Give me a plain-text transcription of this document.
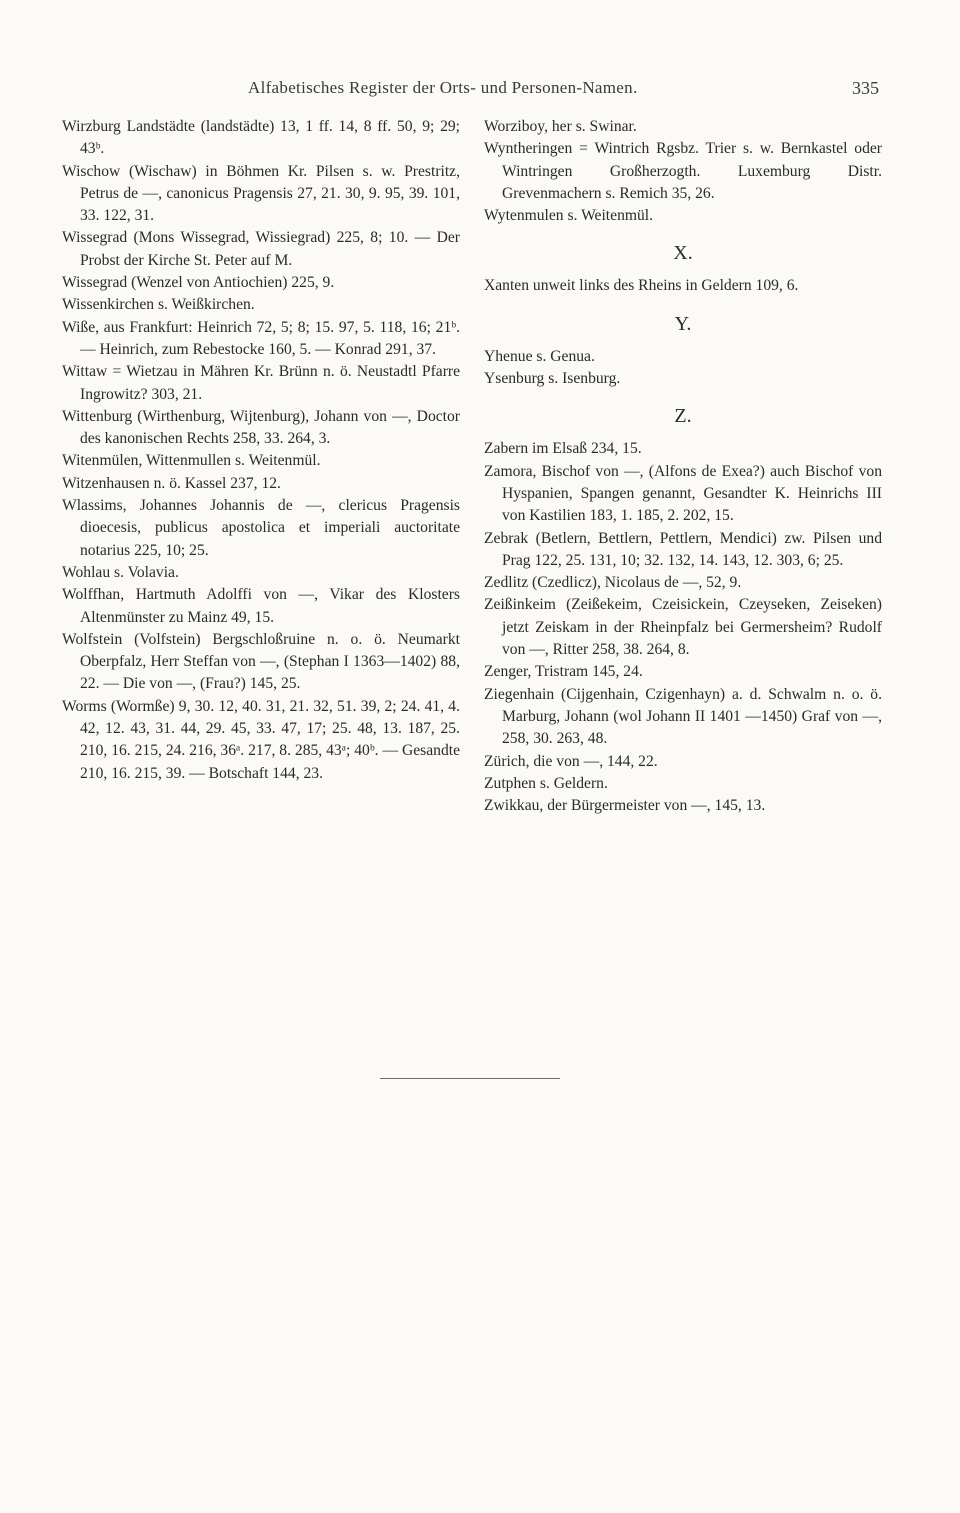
Alfabetisches Register der Orts- und Personen-Namen.	335
Wirzburg Landstädte (landstädte) 13, 1 ff. 14, 8 ff. 50, 9; 29; 43ᵇ.
Wischow (Wischaw) in Böhmen Kr. Pilsen s. w. Prestritz, Petrus de —, canonicus Pragensis 27, 21. 30, 9. 95, 39. 101, 33. 122, 31.
Wissegrad (Mons Wissegrad, Wissiegrad) 225, 8; 10. — Der Probst der Kirche St. Peter auf M.
Wissegrad (Wenzel von Antiochien) 225, 9.
Wissenkirchen s. Weißkirchen.
Wiße, aus Frankfurt: Heinrich 72, 5; 8; 15. 97, 5. 118, 16; 21ᵇ. — Heinrich, zum Rebestocke 160, 5. — Konrad 291, 37.
Wittaw = Wietzau in Mähren Kr. Brünn n. ö. Neustadtl Pfarre Ingrowitz? 303, 21.
Wittenburg (Wirthenburg, Wijtenburg), Johann von —, Doctor des kanonischen Rechts 258, 33. 264, 3.
Witenmülen, Wittenmullen s. Weitenmül.
Witzenhausen n. ö. Kassel 237, 12.
Wlassims, Johannes Johannis de —, clericus Pragensis dioecesis, publicus apostolica et imperiali auctoritate notarius 225, 10; 25.
Wohlau s. Volavia.
Wolffhan, Hartmuth Adolffi von —, Vikar des Klosters Altenmünster zu Mainz 49, 15.
Wolfstein (Volfstein) Bergschloßruine n. o. ö. Neumarkt Oberpfalz, Herr Steffan von —, (Stephan I 1363—1402) 88, 22. — Die von —, (Frau?) 145, 25.
Worms (Wormße) 9, 30. 12, 40. 31, 21. 32, 51. 39, 2; 24. 41, 4. 42, 12. 43, 31. 44, 29. 45, 33. 47, 17; 25. 48, 13. 187, 25. 210, 16. 215, 24. 216, 36ᵃ. 217, 8. 285, 43ᵃ; 40ᵇ. — Gesandte 210, 16. 215, 39. — Botschaft 144, 23.
Worziboy, her s. Swinar.
Wyntheringen = Wintrich Rgsbz. Trier s. w. Bernkastel oder Wintringen Großherzogth. Luxemburg Distr. Grevenmachern s. Remich 35, 26.
Wytenmulen s. Weitenmül.
X.
Xanten unweit links des Rheins in Geldern 109, 6.
Y.
Yhenue s. Genua.
Ysenburg s. Isenburg.
Z.
Zabern im Elsaß 234, 15.
Zamora, Bischof von —, (Alfons de Exea?) auch Bischof von Hyspanien, Spangen genannt, Gesandter K. Heinrichs III von Kastilien 183, 1. 185, 2. 202, 15.
Zebrak (Betlern, Bettlern, Pettlern, Mendici) zw. Pilsen und Prag 122, 25. 131, 10; 32. 132, 14. 143, 12. 303, 6; 25.
Zedlitz (Czedlicz), Nicolaus de —, 52, 9.
Zeißinkeim (Zeißekeim, Czeisickein, Czeyseken, Zeiseken) jetzt Zeiskam in der Rheinpfalz bei Germersheim? Rudolf von —, Ritter 258, 38. 264, 8.
Zenger, Tristram 145, 24.
Ziegenhain (Cijgenhain, Czigenhayn) a. d. Schwalm n. o. ö. Marburg, Johann (wol Johann II 1401 —1450) Graf von —, 258, 30. 263, 48.
Zürich, die von —, 144, 22.
Zutphen s. Geldern.
Zwikkau, der Bürgermeister von —, 145, 13.
